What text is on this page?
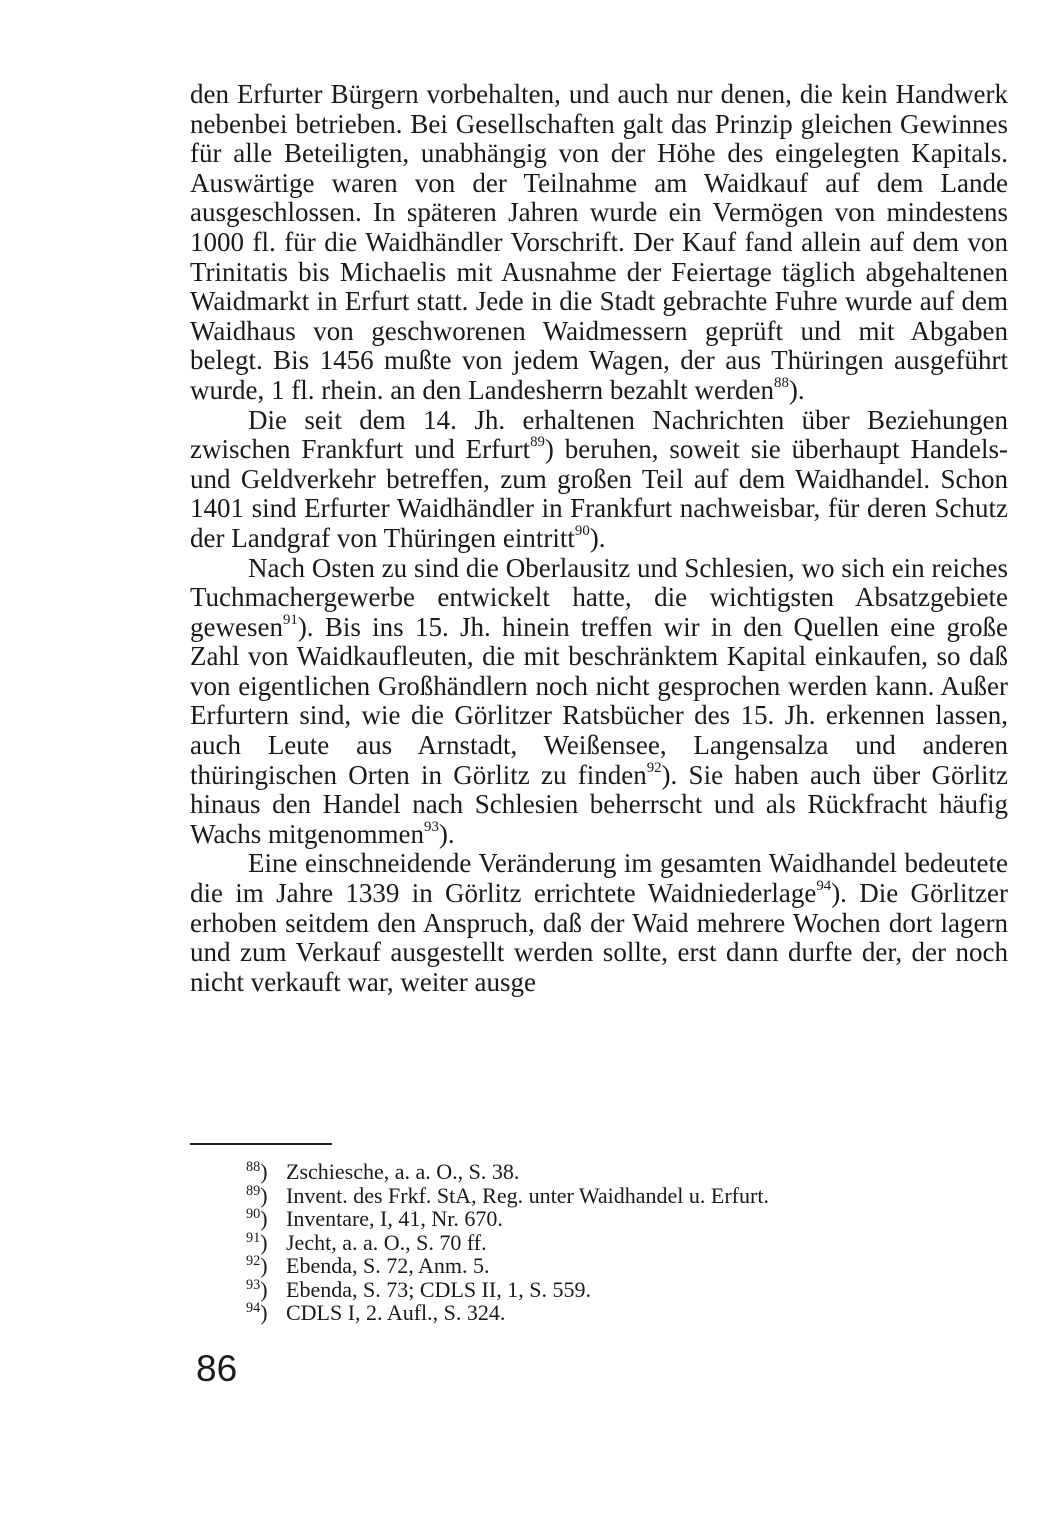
den Erfurter Bürgern vorbehalten, und auch nur denen, die kein Handwerk nebenbei betrieben. Bei Gesellschaften galt das Prinzip gleichen Gewinnes für alle Beteiligten, unabhängig von der Höhe des eingelegten Kapitals. Auswärtige waren von der Teilnahme am Waidkauf auf dem Lande ausgeschlossen. In späteren Jahren wurde ein Vermögen von mindestens 1000 fl. für die Waidhändler Vorschrift. Der Kauf fand allein auf dem von Trinitatis bis Michaelis mit Ausnahme der Feiertage täglich abgehaltenen Waidmarkt in Erfurt statt. Jede in die Stadt gebrachte Fuhre wurde auf dem Waidhaus von geschworenen Waidmessern geprüft und mit Abgaben belegt. Bis 1456 mußte von jedem Wagen, der aus Thüringen ausgeführt wurde, 1 fl. rhein. an den Landesherrn bezahlt werden$^{88}$).

Die seit dem 14. Jh. erhaltenen Nachrichten über Beziehungen zwischen Frankfurt und Erfurt$^{89}$) beruhen, soweit sie überhaupt Handels- und Geldverkehr betreffen, zum großen Teil auf dem Waidhandel. Schon 1401 sind Erfurter Waidhändler in Frankfurt nachweisbar, für deren Schutz der Landgraf von Thüringen eintritt$^{90}$).

Nach Osten zu sind die Oberlausitz und Schlesien, wo sich ein reiches Tuchmachergewerbe entwickelt hatte, die wichtigsten Absatzgebiete gewesen$^{91}$). Bis ins 15. Jh. hinein treffen wir in den Quellen eine große Zahl von Waidkaufleuten, die mit beschränktem Kapital einkaufen, so daß von eigentlichen Großhändlern noch nicht gesprochen werden kann. Außer Erfurtern sind, wie die Görlitzer Ratsbücher des 15. Jh. erkennen lassen, auch Leute aus Arnstadt, Weißensee, Langensalza und anderen thüringischen Orten in Görlitz zu finden$^{92}$). Sie haben auch über Görlitz hinaus den Handel nach Schlesien beherrscht und als Rückfracht häufig Wachs mitgenommen$^{93}$).

Eine einschneidende Veränderung im gesamten Waidhandel bedeutete die im Jahre 1339 in Görlitz errichtete Waidniederlage$^{94}$). Die Görlitzer erhoben seitdem den Anspruch, daß der Waid mehrere Wochen dort lagern und zum Verkauf ausgestellt werden sollte, erst dann durfte der, der noch nicht verkauft war, weiter ausge

$^{88}$) Zschiesche, a. a. O., S. 38.
$^{89}$) Invent. des Frkf. StA, Reg. unter Waidhandel u. Erfurt.
$^{90}$) Inventare, I, 41, Nr. 670.
$^{91}$) Jecht, a. a. O., S. 70 ff.
$^{92}$) Ebenda, S. 72, Anm. 5.
$^{93}$) Ebenda, S. 73; CDLS II, 1, S. 559.
$^{94}$) CDLS I, 2. Aufl., S. 324.
86
